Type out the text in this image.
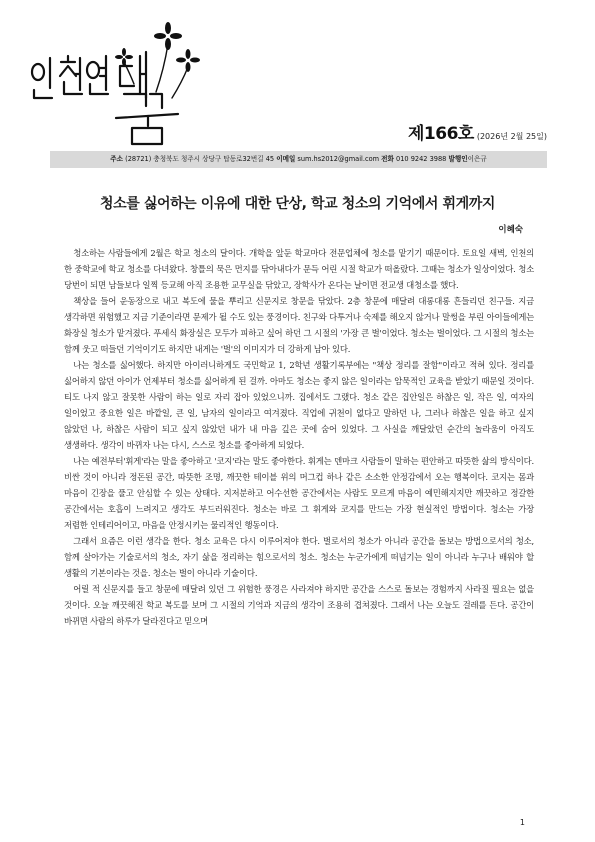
제166호 (2026년 2월 25일)
주소 (28721) 충청북도 청주시 상당구 탑동로32번길 45 이메일 sum.hs2012@gmail.com 전화 010 9242 3988 발행인이은규
청소를 싫어하는 이유에 대한 단상, 학교 청소의 기억에서 휘게까지
이혜숙

청소하는 사람들에게 2월은 학교 청소의 달이다. 개학을 앞둔 학교마다 전문업체에 청소를 맡기기 때문이다. 토요일 새벽, 인천의 한 중학교에 학교 청소를 다녀왔다. 창틀의 묵은 먼지를 닦아내다가 문득 어린 시절 학교가 떠올랐다. 그때는 청소가 일상이었다. 청소 당번이 되면 남들보다 일찍 등교해 아직 조용한 교무실을 닦았고, 장학사가 온다는 날이면 전교생 대청소를 했다.

책상을 들어 운동장으로 내고 복도에 물을 뿌리고 신문지로 창문을 닦았다. 2층 창문에 매달려 대롱대롱 흔들리던 친구들. 지금 생각하면 위험했고 지금 기준이라면 문제가 될 수도 있는 풍경이다. 친구와 다투거나 숙제를 해오지 않거나 말썽을 부린 아이들에게는 화장실 청소가 맡겨졌다. 푸세식 화장실은 모두가 피하고 싶어 하던 그 시절의 '가장 큰 벌'이었다. 청소는 벌이었다. 그 시절의 청소는 함께 웃고 떠들던 기억이기도 하지만 내게는 '벌'의 이미지가 더 강하게 남아 있다.

나는 청소를 싫어했다. 하지만 아이러니하게도 국민학교 1, 2학년 생활기록부에는 "책상 정리를 잘함"이라고 적혀 있다. 정리를 싫어하지 않던 아이가 언제부터 청소를 싫어하게 된 걸까. 아마도 청소는 좋지 않은 일이라는 암묵적인 교육을 받았기 때문일 것이다. 티도 나지 않고 잘못한 사람이 하는 일로 자리 잡아 있었으니까. 집에서도 그랬다. 청소 같은 집안일은 하찮은 일, 작은 일, 여자의 일이었고 중요한 일은 바깥일, 큰 일, 남자의 일이라고 여겨졌다. 직업에 귀천이 없다고 말하던 나, 그러나 하찮은 일을 하고 싶지 않았던 나, 하찮은 사람이 되고 싶지 않았던 내가 내 마음 깊은 곳에 숨어 있었다. 그 사실을 깨달았던 순간의 놀라움이 아직도 생생하다. 생각이 바뀌자 나는 다시, 스스로 청소를 좋아하게 되었다.

나는 예전부터'휘게'라는 말을 좋아하고 '코지'라는 말도 좋아한다. 휘게는 덴마크 사람들이 말하는 편안하고 따뜻한 삶의 방식이다. 비싼 것이 아니라 정돈된 공간, 따뜻한 조명, 깨끗한 테이블 위의 머그컵 하나 같은 소소한 안정감에서 오는 행복이다. 코지는 몸과 마음이 긴장을 풀고 안심할 수 있는 상태다. 지저분하고 어수선한 공간에서는 사람도 모르게 마음이 예민해지지만 깨끗하고 정갈한 공간에서는 호흡이 느려지고 생각도 부드러워진다. 청소는 바로 그 휘게와 코지를 만드는 가장 현실적인 방법이다. 청소는 가장 저렴한 인테리어이고, 마음을 안정시키는 물리적인 행동이다.

그래서 요즘은 이런 생각을 한다. 청소 교육은 다시 이루어져야 한다. 벌로서의 청소가 아니라 공간을 돌보는 방법으로서의 청소, 함께 살아가는 기술로서의 청소, 자기 삶을 정리하는 힘으로서의 청소. 청소는 누군가에게 떠넘기는 일이 아니라 누구나 배워야 할 생활의 기본이라는 것을. 청소는 벌이 아니라 기술이다.

어릴 적 신문지를 들고 창문에 매달려 있던 그 위험한 풍경은 사라져야 하지만 공간을 스스로 돌보는 경험까지 사라질 필요는 없을 것이다. 오늘 깨끗해진 학교 복도를 보며 그 시절의 기억과 지금의 생각이 조용히 겹쳐졌다. 그래서 나는 오늘도 걸레를 든다. 공간이 바뀌면 사람의 하루가 달라진다고 믿으며

1
